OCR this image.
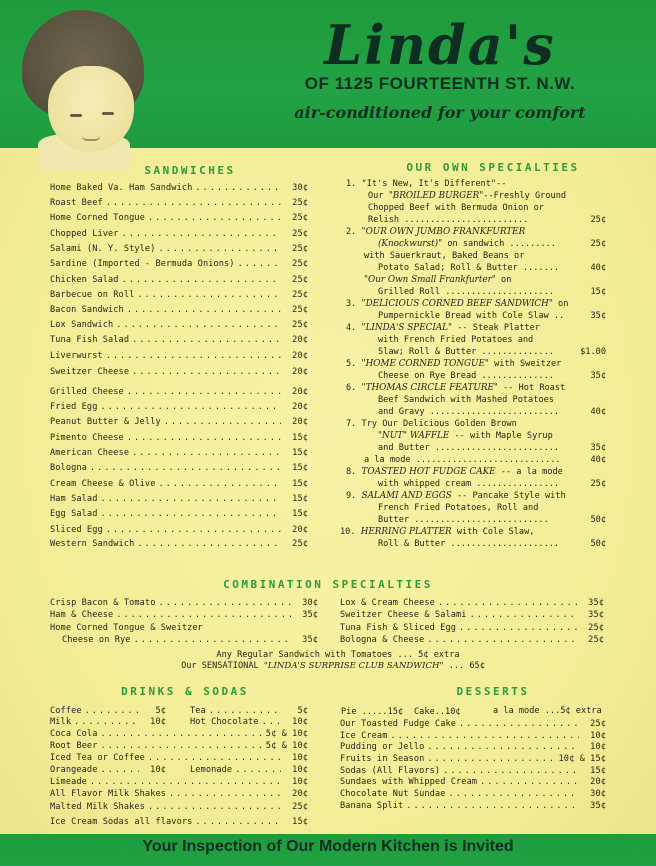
Linda's
OF 1125 FOURTEENTH ST. N.W.
air-conditioned for your comfort
SANDWICHES
Home Baked Va. Ham Sandwich . . .	30¢
Roast Beef . . .	25¢
Home Corned Tongue . . .	25¢
Chopped Liver . . .	25¢
Salami (N. Y. Style) . . .	25¢
Sardine (Imported - Bermuda Onions) . . .	25¢
Chicken Salad . . .	25¢
Barbecue on Roll . . .	25¢
Bacon Sandwich . . .	25¢
Lox Sandwich . . .	25¢
Tuna Fish Salad . . .	20¢
Liverwurst . . .	20¢
Sweitzer Cheese . . .	20¢
Grilled Cheese . . .	20¢
Fried Egg . . .	20¢
Peanut Butter & Jelly . . .	20¢
Pimento Cheese . . .	15¢
American Cheese . . .	15¢
Bologna . . .	15¢
Cream Cheese & Olive . . .	15¢
Ham Salad . . .	15¢
Egg Salad . . .	15¢
Sliced Egg . . .	20¢
Western Sandwich . . .	25¢
OUR OWN SPECIALTIES
1. "It's New, It's Different"--
Our "BROILED BURGER"--Freshly Ground
Chopped Beef with Bermuda Onion or
Relish ........................	25¢
2. "OUR OWN JUMBO FRANKFURTER
(Knockwurst)" on sandwich .........	25¢
with Sauerkraut, Baked Beans or
Potato Salad; Roll & Butter .......	40¢
"Our Own Small Frankfurter" on
Grilled Roll .....................	15¢
3. "DELICIOUS CORNED BEEF SANDWICH" on
Pumpernickle Bread with Cole Slaw ..	35¢
4. "LINDA'S SPECIAL" -- Steak Platter
with French Fried Potatoes and
Slaw; Roll & Butter ..............	$1.00
5. "HOME CORNED TONGUE" with Sweitzer
Cheese on Rye Bread ..............	35¢
6. "THOMAS CIRCLE FEATURE" -- Hot Roast
Beef Sandwich with Mashed Potatoes
and Gravy .........................	40¢
7. Try Our Delicious Golden Brown
"NUT" WAFFLE -- with Maple Syrup
and Butter ........................	35¢
a la mode ............................	40¢
8. TOASTED HOT FUDGE CAKE -- a la mode
with whipped cream ................	25¢
9. SALAMI AND EGGS -- Pancake Style with
French Fried Potatoes, Roll and
Butter ..........................	50¢
10. HERRING PLATTER with Cole Slaw,
Roll & Butter .....................	50¢
COMBINATION SPECIALTIES
Crisp Bacon & Tomato . . .	30¢
Ham & Cheese . . .	35¢
Home Corned Tongue & Sweitzer
Cheese on Rye . . .	35¢
Lox & Cream Cheese . . .	35¢
Sweitzer Cheese & Salami . . .	35¢
Tuna Fish & Sliced Egg . . .	25¢
Bologna & Cheese . . .	25¢
Any Regular Sandwich with Tomatoes ... 5¢ extra
Our SENSATIONAL "LINDA'S SURPRISE CLUB SANDWICH" ... 65¢
DRINKS & SODAS
Coffee . . .	5¢	Tea . . .	5¢
Milk . . .	10¢	Hot Chocolate . . .	10¢
Coca Cola . . .	5¢ & 10¢
Root Beer . . .	5¢ & 10¢
Iced Tea or Coffee . . .	10¢
Orangeade . . .	10¢	Lemonade . . .	10¢
Limeade . . .	10¢
All Flavor Milk Shakes . . .	20¢
Malted Milk Shakes . . .	25¢
Ice Cream Sodas all flavors . . .	15¢
DESSERTS
Pie .....15¢ Cake..10¢	a la mode ...5¢ extra
Our Toasted Fudge Cake . . .	25¢
Ice Cream . . .	10¢
Pudding or Jello . . .	10¢
Fruits in Season . . .	10¢ & 15¢
Sodas (All Flavors) . . .	15¢
Sundaes with Whipped Cream . . .	20¢
Chocolate Nut Sundae . . .	30¢
Banana Split . . .	35¢
Your Inspection of Our Modern Kitchen is Invited
